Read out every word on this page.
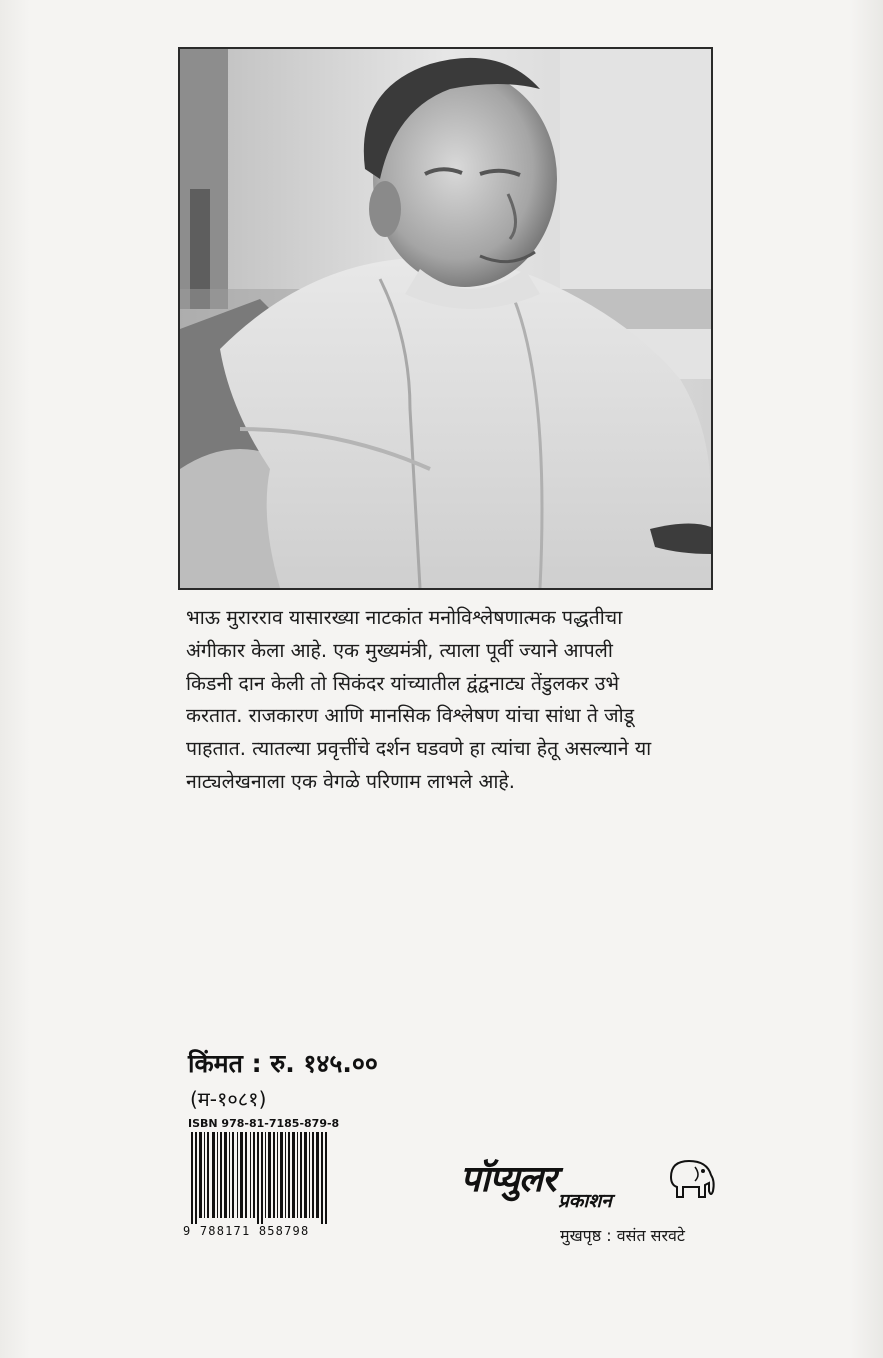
भाऊ मुरारराव यासारख्या नाटकांत मनोविश्लेषणात्मक पद्धतीचा
अंगीकार केला आहे. एक मुख्यमंत्री, त्याला पूर्वी ज्याने आपली
किडनी दान केली तो सिकंदर यांच्यातील द्वंद्वनाट्य तेंडुलकर उभे
करतात. राजकारण आणि मानसिक विश्लेषण यांचा सांधा ते जोडू
पाहतात. त्यातल्या प्रवृत्तींचे दर्शन घडवणे हा त्यांचा हेतू असल्याने या
नाट्यलेखनाला एक वेगळे परिणाम लाभले आहे.
किंमत : रु. १४५.००
(म-१०८१)
ISBN 978-81-7185-879-8
9 788171 858798
पॉप्युलर
प्रकाशन
मुखपृष्ठ : वसंत सरवटे
